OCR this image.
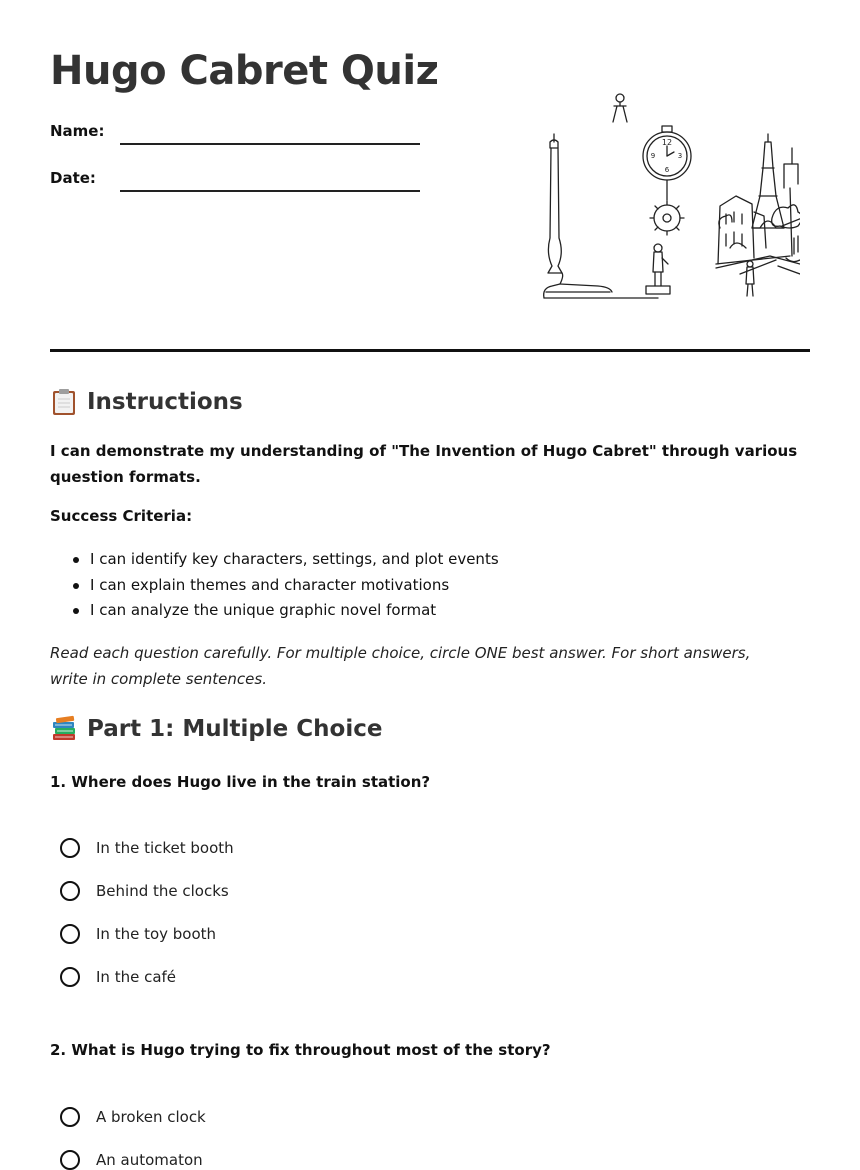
Hugo Cabret Quiz
Name:
Date:
12
3
6
9
Instructions

I can demonstrate my understanding of "The Invention of Hugo Cabret" through various question formats.

Success Criteria:

I can identify key characters, settings, and plot events
I can explain themes and character motivations
I can analyze the unique graphic novel format

Read each question carefully. For multiple choice, circle ONE best answer. For short answers, write in complete sentences.

Part 1: Multiple Choice

1. Where does Hugo live in the train station?

In the ticket booth
Behind the clocks
In the toy booth
In the café

2. What is Hugo trying to fix throughout most of the story?

A broken clock
An automaton
